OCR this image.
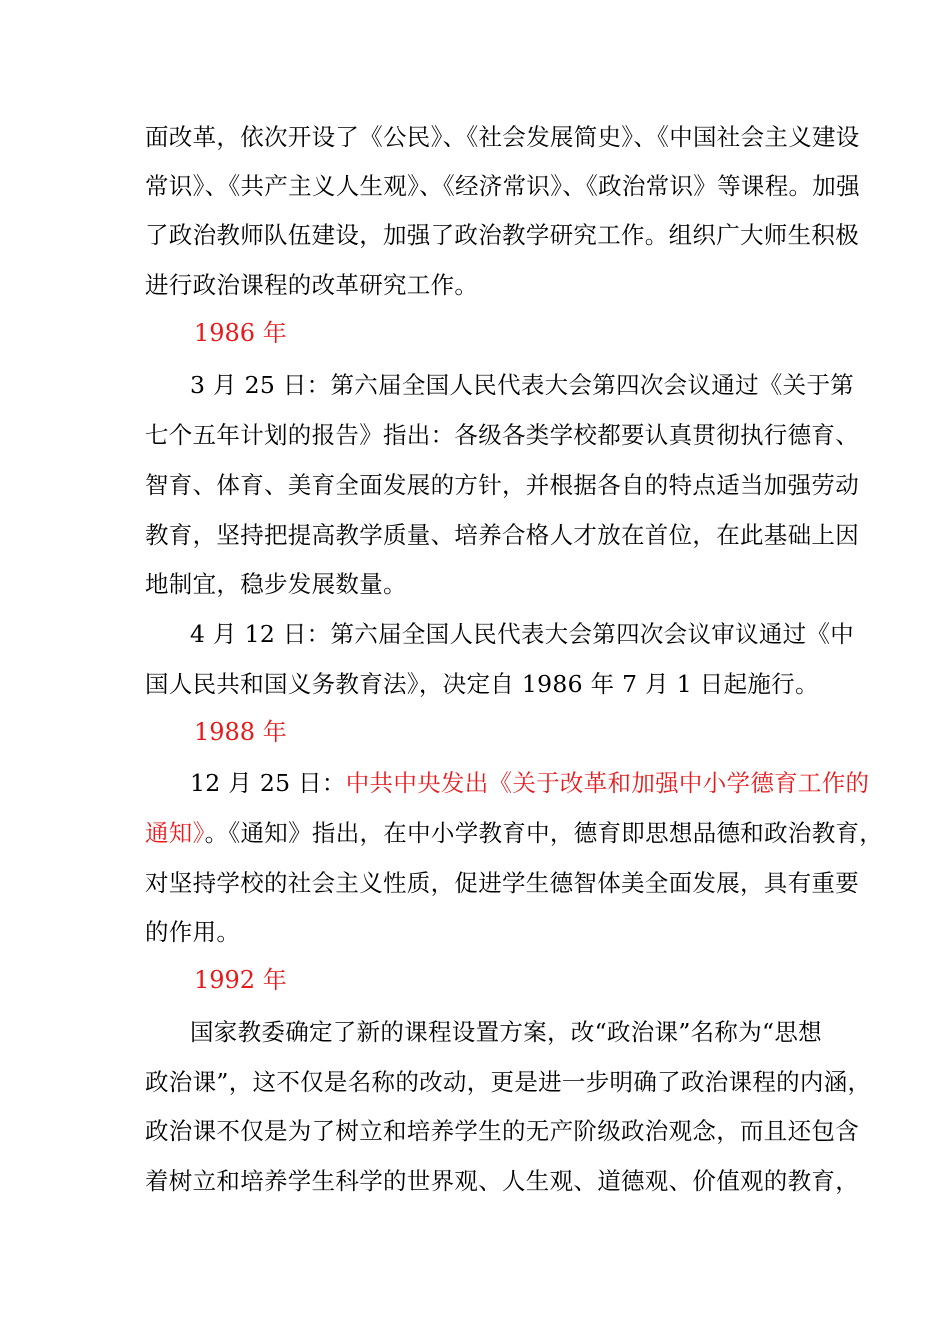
面改革，依次开设了《公民》、《社会发展简史》、《中国社会主义建设
常识》、《共产主义人生观》、《经济常识》、《政治常识》等课程。加强
了政治教师队伍建设，加强了政治教学研究工作。组织广大师生积极
进行政治课程的改革研究工作。
1986 年
3 月 25 日：第六届全国人民代表大会第四次会议通过《关于第
七个五年计划的报告》指出：各级各类学校都要认真贯彻执行德育、
智育、体育、美育全面发展的方针，并根据各自的特点适当加强劳动
教育，坚持把提高教学质量、培养合格人才放在首位，在此基础上因
地制宜，稳步发展数量。
4 月 12 日：第六届全国人民代表大会第四次会议审议通过《中
国人民共和国义务教育法》，决定自 1986 年 7 月 1 日起施行。
1988 年
12 月 25 日：中共中央发出《关于改革和加强中小学德育工作的
通知》。《通知》指出，在中小学教育中，德育即思想品德和政治教育，
对坚持学校的社会主义性质，促进学生德智体美全面发展，具有重要
的作用。
1992 年
国家教委确定了新的课程设置方案，改“政治课”名称为“思想
政治课”，这不仅是名称的改动，更是进一步明确了政治课程的内涵，
政治课不仅是为了树立和培养学生的无产阶级政治观念，而且还包含
着树立和培养学生科学的世界观、人生观、道德观、价值观的教育，
